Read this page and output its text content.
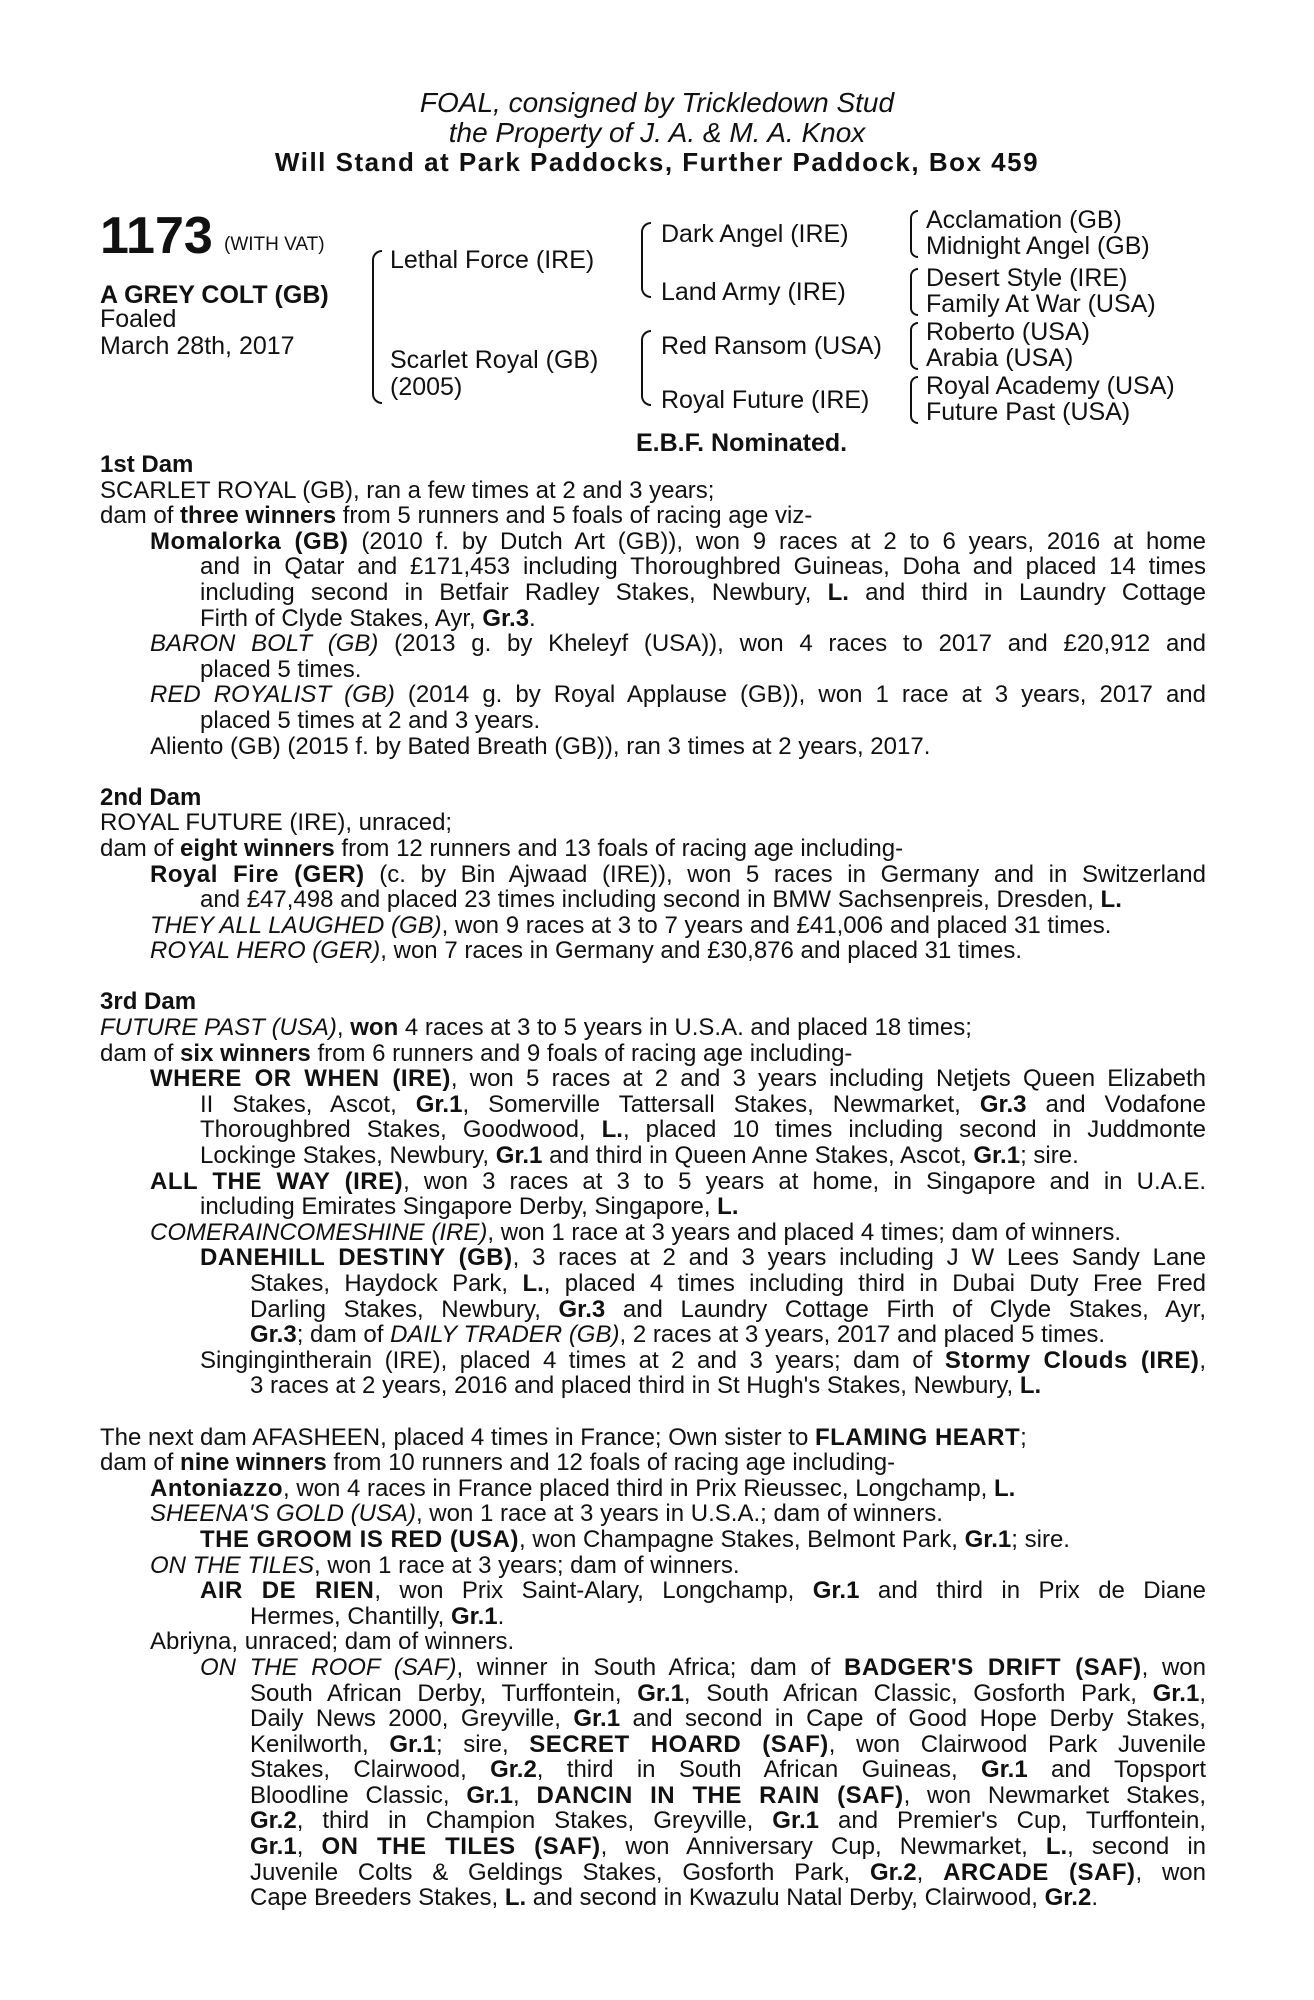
FOAL, consigned by Trickledown Stud
the Property of J. A. & M. A. Knox
Will Stand at Park Paddocks, Further Paddock, Box 459
1173 (WITH VAT)
A GREY COLT (GB)
Foaled
March 28th, 2017
Lethal Force (IRE)
Scarlet Royal (GB)
(2005)
Dark Angel (IRE)
Land Army (IRE)
Red Ransom (USA)
Royal Future (IRE)
Acclamation (GB)
Midnight Angel (GB)
Desert Style (IRE)
Family At War (USA)
Roberto (USA)
Arabia (USA)
Royal Academy (USA)
Future Past (USA)
E.B.F. Nominated.
1st Dam
SCARLET ROYAL (GB), ran a few times at 2 and 3 years;
dam of three winners from 5 runners and 5 foals of racing age viz-
Momalorka (GB) (2010 f. by Dutch Art (GB)), won 9 races at 2 to 6 years, 2016 at home
and in Qatar and £171,453 including Thoroughbred Guineas, Doha and placed 14 times
including second in Betfair Radley Stakes, Newbury, L. and third in Laundry Cottage
Firth of Clyde Stakes, Ayr, Gr.3.
BARON BOLT (GB) (2013 g. by Kheleyf (USA)), won 4 races to 2017 and £20,912 and
placed 5 times.
RED ROYALIST (GB) (2014 g. by Royal Applause (GB)), won 1 race at 3 years, 2017 and
placed 5 times at 2 and 3 years.
Aliento (GB) (2015 f. by Bated Breath (GB)), ran 3 times at 2 years, 2017.
2nd Dam
ROYAL FUTURE (IRE), unraced;
dam of eight winners from 12 runners and 13 foals of racing age including-
Royal Fire (GER) (c. by Bin Ajwaad (IRE)), won 5 races in Germany and in Switzerland
and £47,498 and placed 23 times including second in BMW Sachsenpreis, Dresden, L.
THEY ALL LAUGHED (GB), won 9 races at 3 to 7 years and £41,006 and placed 31 times.
ROYAL HERO (GER), won 7 races in Germany and £30,876 and placed 31 times.
3rd Dam
FUTURE PAST (USA), won 4 races at 3 to 5 years in U.S.A. and placed 18 times;
dam of six winners from 6 runners and 9 foals of racing age including-
WHERE OR WHEN (IRE), won 5 races at 2 and 3 years including Netjets Queen Elizabeth
II Stakes, Ascot, Gr.1, Somerville Tattersall Stakes, Newmarket, Gr.3 and Vodafone
Thoroughbred Stakes, Goodwood, L., placed 10 times including second in Juddmonte
Lockinge Stakes, Newbury, Gr.1 and third in Queen Anne Stakes, Ascot, Gr.1; sire.
ALL THE WAY (IRE), won 3 races at 3 to 5 years at home, in Singapore and in U.A.E.
including Emirates Singapore Derby, Singapore, L.
COMERAINCOMESHINE (IRE), won 1 race at 3 years and placed 4 times; dam of winners.
DANEHILL DESTINY (GB), 3 races at 2 and 3 years including J W Lees Sandy Lane
Stakes, Haydock Park, L., placed 4 times including third in Dubai Duty Free Fred
Darling Stakes, Newbury, Gr.3 and Laundry Cottage Firth of Clyde Stakes, Ayr,
Gr.3; dam of DAILY TRADER (GB), 2 races at 3 years, 2017 and placed 5 times.
Singingintherain (IRE), placed 4 times at 2 and 3 years; dam of Stormy Clouds (IRE),
3 races at 2 years, 2016 and placed third in St Hugh's Stakes, Newbury, L.
The next dam AFASHEEN, placed 4 times in France; Own sister to FLAMING HEART;
dam of nine winners from 10 runners and 12 foals of racing age including-
Antoniazzo, won 4 races in France placed third in Prix Rieussec, Longchamp, L.
SHEENA'S GOLD (USA), won 1 race at 3 years in U.S.A.; dam of winners.
THE GROOM IS RED (USA), won Champagne Stakes, Belmont Park, Gr.1; sire.
ON THE TILES, won 1 race at 3 years; dam of winners.
AIR DE RIEN, won Prix Saint-Alary, Longchamp, Gr.1 and third in Prix de Diane
Hermes, Chantilly, Gr.1.
Abriyna, unraced; dam of winners.
ON THE ROOF (SAF), winner in South Africa; dam of BADGER'S DRIFT (SAF), won
South African Derby, Turffontein, Gr.1, South African Classic, Gosforth Park, Gr.1,
Daily News 2000, Greyville, Gr.1 and second in Cape of Good Hope Derby Stakes,
Kenilworth, Gr.1; sire, SECRET HOARD (SAF), won Clairwood Park Juvenile
Stakes, Clairwood, Gr.2, third in South African Guineas, Gr.1 and Topsport
Bloodline Classic, Gr.1, DANCIN IN THE RAIN (SAF), won Newmarket Stakes,
Gr.2, third in Champion Stakes, Greyville, Gr.1 and Premier's Cup, Turffontein,
Gr.1, ON THE TILES (SAF), won Anniversary Cup, Newmarket, L., second in
Juvenile Colts & Geldings Stakes, Gosforth Park, Gr.2, ARCADE (SAF), won
Cape Breeders Stakes, L. and second in Kwazulu Natal Derby, Clairwood, Gr.2.
